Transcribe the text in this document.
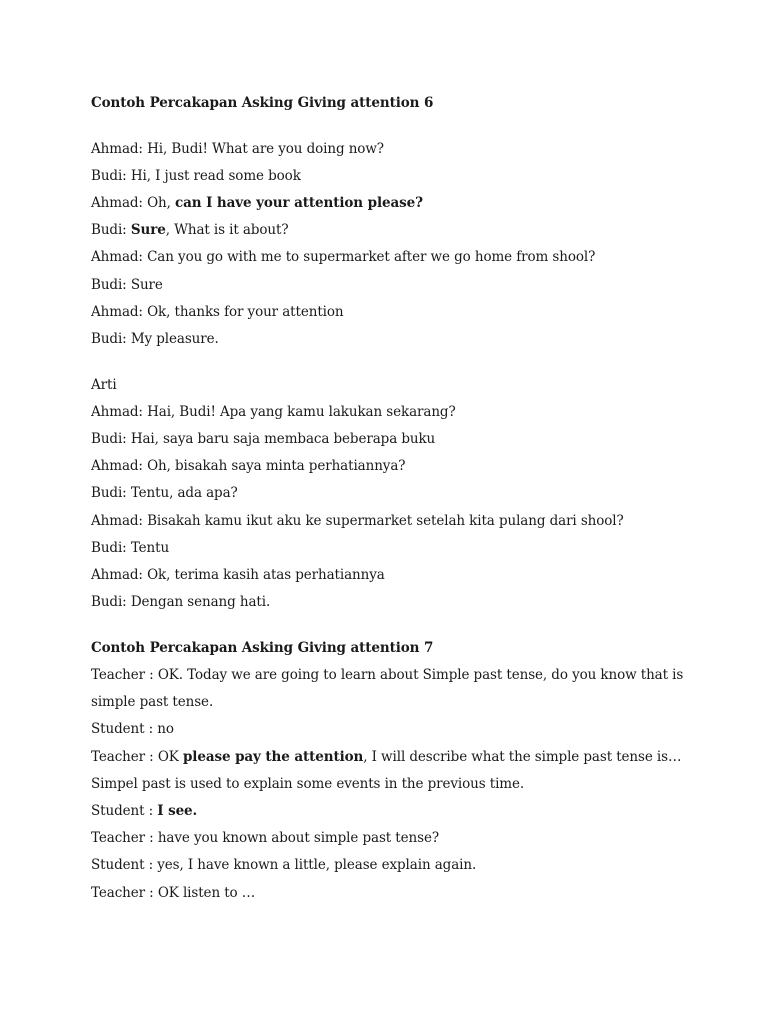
Contoh Percakapan Asking Giving attention 6
Ahmad: Hi, Budi! What are you doing now?
Budi: Hi, I just read some book
Ahmad: Oh, can I have your attention please?
Budi: Sure, What is it about?
Ahmad: Can you go with me to supermarket after we go home from shool?
Budi: Sure
Ahmad: Ok, thanks for your attention
Budi: My pleasure.
Arti
Ahmad: Hai, Budi! Apa yang kamu lakukan sekarang?
Budi: Hai, saya baru saja membaca beberapa buku
Ahmad: Oh, bisakah saya minta perhatiannya?
Budi: Tentu, ada apa?
Ahmad: Bisakah kamu ikut aku ke supermarket setelah kita pulang dari shool?
Budi: Tentu
Ahmad: Ok, terima kasih atas perhatiannya
Budi: Dengan senang hati.
Contoh Percakapan Asking Giving attention 7
Teacher : OK. Today we are going to learn about Simple past tense, do you know that is
simple past tense.
Student : no
Teacher : OK please pay the attention, I will describe what the simple past tense is…
Simpel past is used to explain some events in the previous time.
Student : I see.
Teacher : have you known about simple past tense?
Student : yes, I have known a little, please explain again.
Teacher : OK listen to …
